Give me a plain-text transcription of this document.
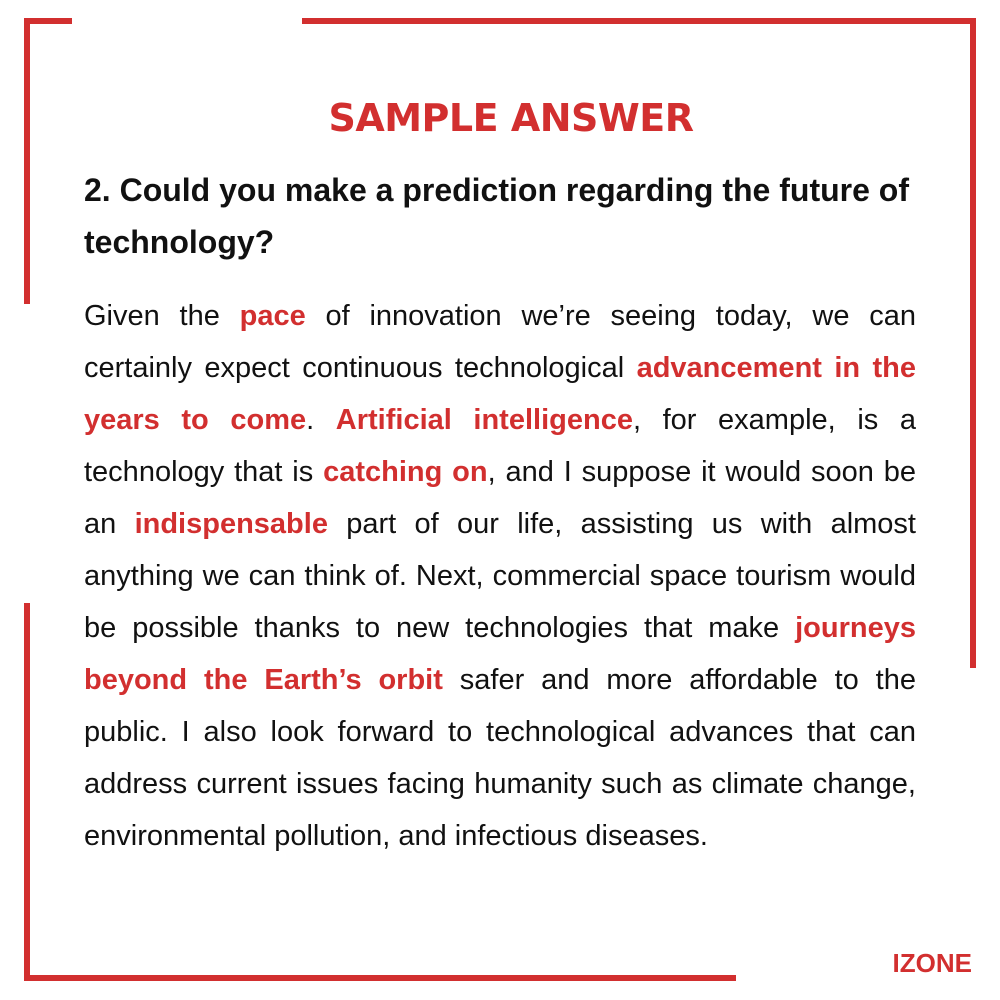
SAMPLE ANSWER
2. Could you make a prediction regarding the future of technology?

Given the pace of innovation we’re seeing today, we can certainly expect continuous technological advancement in the years to come. Artificial intelligence, for example, is a technology that is catching on, and I suppose it would soon be an indispensable part of our life, assisting us with almost anything we can think of. Next, commercial space tourism would be possible thanks to new technologies that make journeys beyond the Earth’s orbit safer and more affordable to the public. I also look forward to technological advances that can address current issues facing humanity such as climate change, environmental pollution, and infectious diseases.

IZONE
